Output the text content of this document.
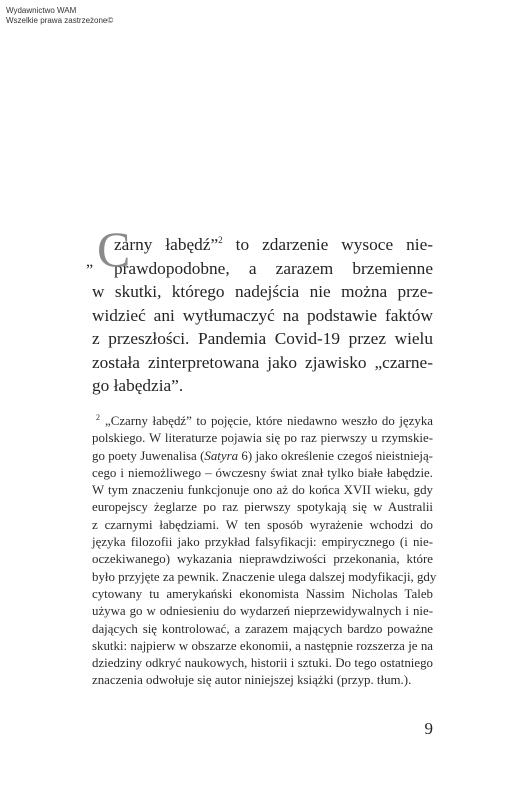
Wydawnictwo WAM
Wszelkie prawa zastrzeżone©
„ C
zarny łabędź”$^2$ to zdarzenie wysoce nie-
prawdopodobne, a zarazem brzemienne
w skutki, którego nadejścia nie można prze-
widzieć ani wytłumaczyć na podstawie faktów
z przeszłości. Pandemia Covid-19 przez wielu
została zinterpretowana jako zjawisko „czarne-
go łabędzia”.
$^2$ „Czarny łabędź” to pojęcie, które niedawno weszło do języka
polskiego. W literaturze pojawia się po raz pierwszy u rzymskie-
go poety Juwenalisa (Satyra 6) jako określenie czegoś nieistnieją-
cego i niemożliwego – ówczesny świat znał tylko białe łabędzie.
W tym znaczeniu funkcjonuje ono aż do końca XVII wieku, gdy
europejscy żeglarze po raz pierwszy spotykają się w Australii
z czarnymi łabędziami. W ten sposób wyrażenie wchodzi do
języka filozofii jako przykład falsyfikacji: empirycznego (i nie-
oczekiwanego) wykazania nieprawdziwości przekonania, które
było przyjęte za pewnik. Znaczenie ulega dalszej modyfikacji, gdy
cytowany tu amerykański ekonomista Nassim Nicholas Taleb
używa go w odniesieniu do wydarzeń nieprzewidywalnych i nie-
dających się kontrolować, a zarazem mających bardzo poważne
skutki: najpierw w obszarze ekonomii, a następnie rozszerza je na
dziedziny odkryć naukowych, historii i sztuki. Do tego ostatniego
znaczenia odwołuje się autor niniejszej książki (przyp. tłum.).
9
